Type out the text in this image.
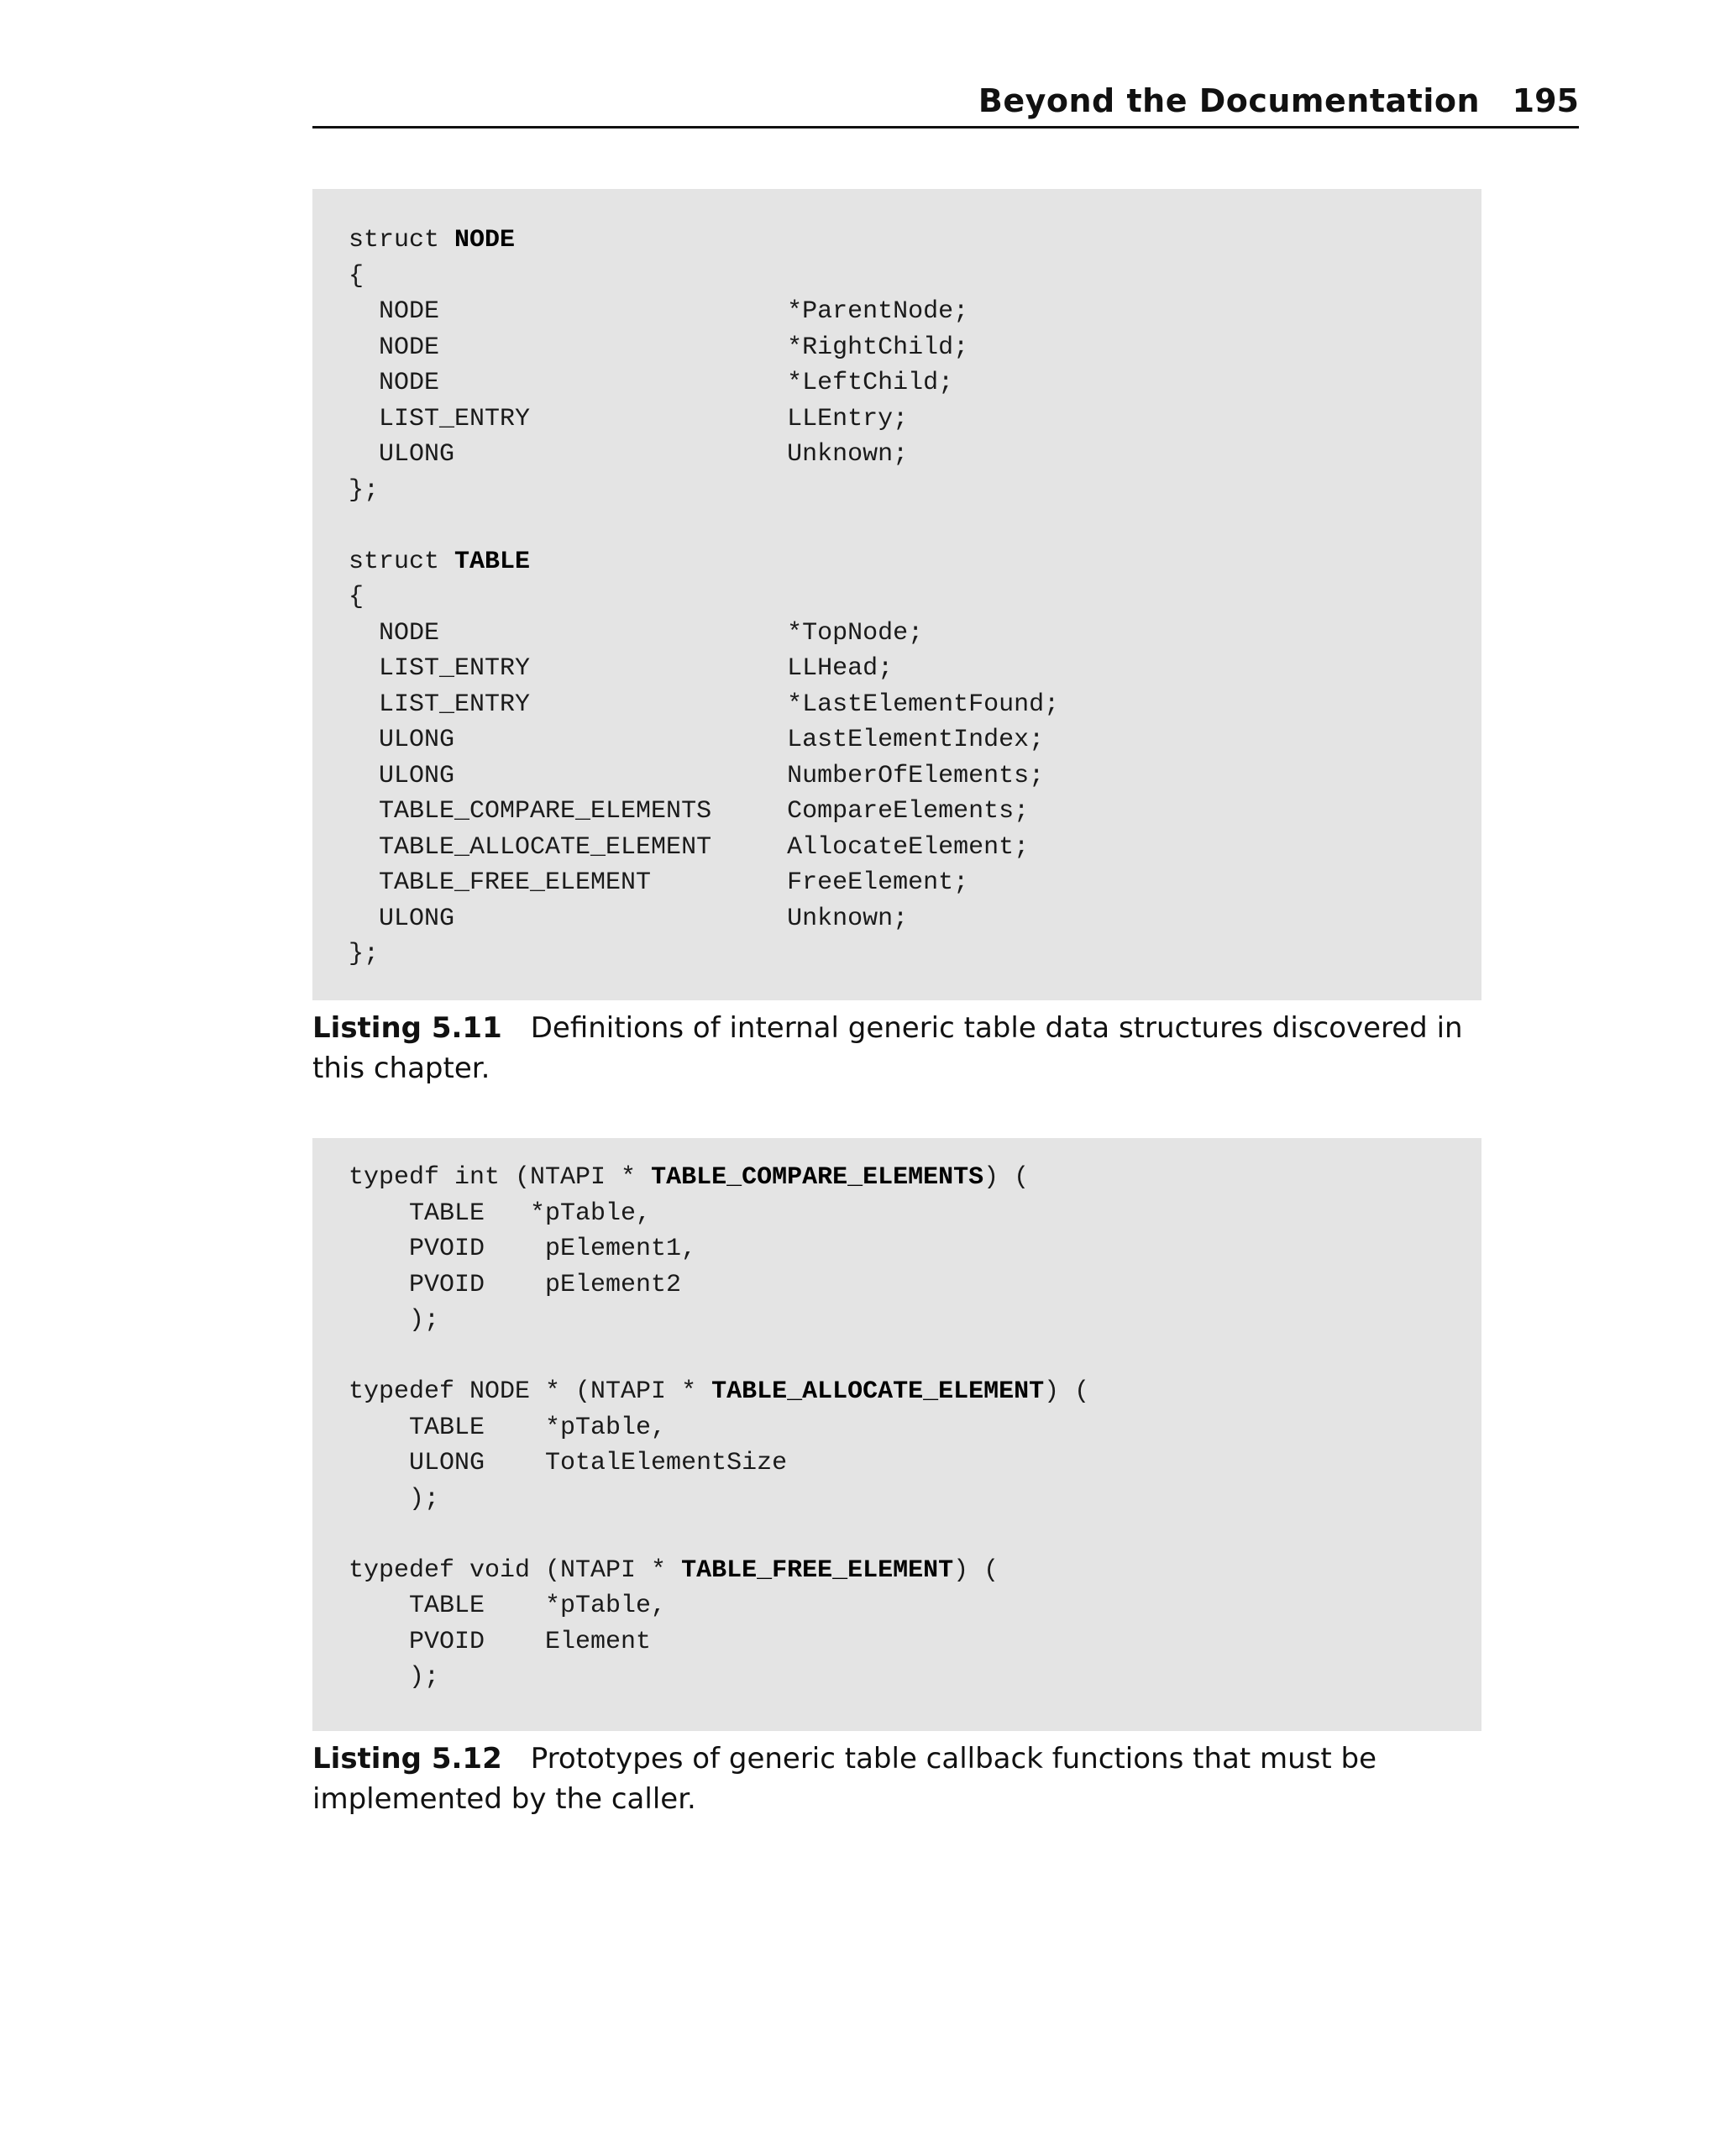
Beyond the Documentation 195
struct NODE
{
NODE                       *ParentNode;
NODE                       *RightChild;
NODE                       *LeftChild;
LIST_ENTRY                 LLEntry;
ULONG                      Unknown;
};
struct TABLE
{
NODE                       *TopNode;
LIST_ENTRY                 LLHead;
LIST_ENTRY                 *LastElementFound;
ULONG                      LastElementIndex;
ULONG                      NumberOfElements;
TABLE_COMPARE_ELEMENTS     CompareElements;
TABLE_ALLOCATE_ELEMENT     AllocateElement;
TABLE_FREE_ELEMENT         FreeElement;
ULONG                      Unknown;
};
Listing 5.11 Definitions of internal generic table data structures discovered in this chapter.
typedf int (NTAPI * TABLE_COMPARE_ELEMENTS) (
TABLE   *pTable,
PVOID    pElement1,
PVOID    pElement2
);
typedef NODE * (NTAPI * TABLE_ALLOCATE_ELEMENT) (
TABLE    *pTable,
ULONG    TotalElementSize
);
typedef void (NTAPI * TABLE_FREE_ELEMENT) (
TABLE    *pTable,
PVOID    Element
);
Listing 5.12 Prototypes of generic table callback functions that must be implemented by the caller.
